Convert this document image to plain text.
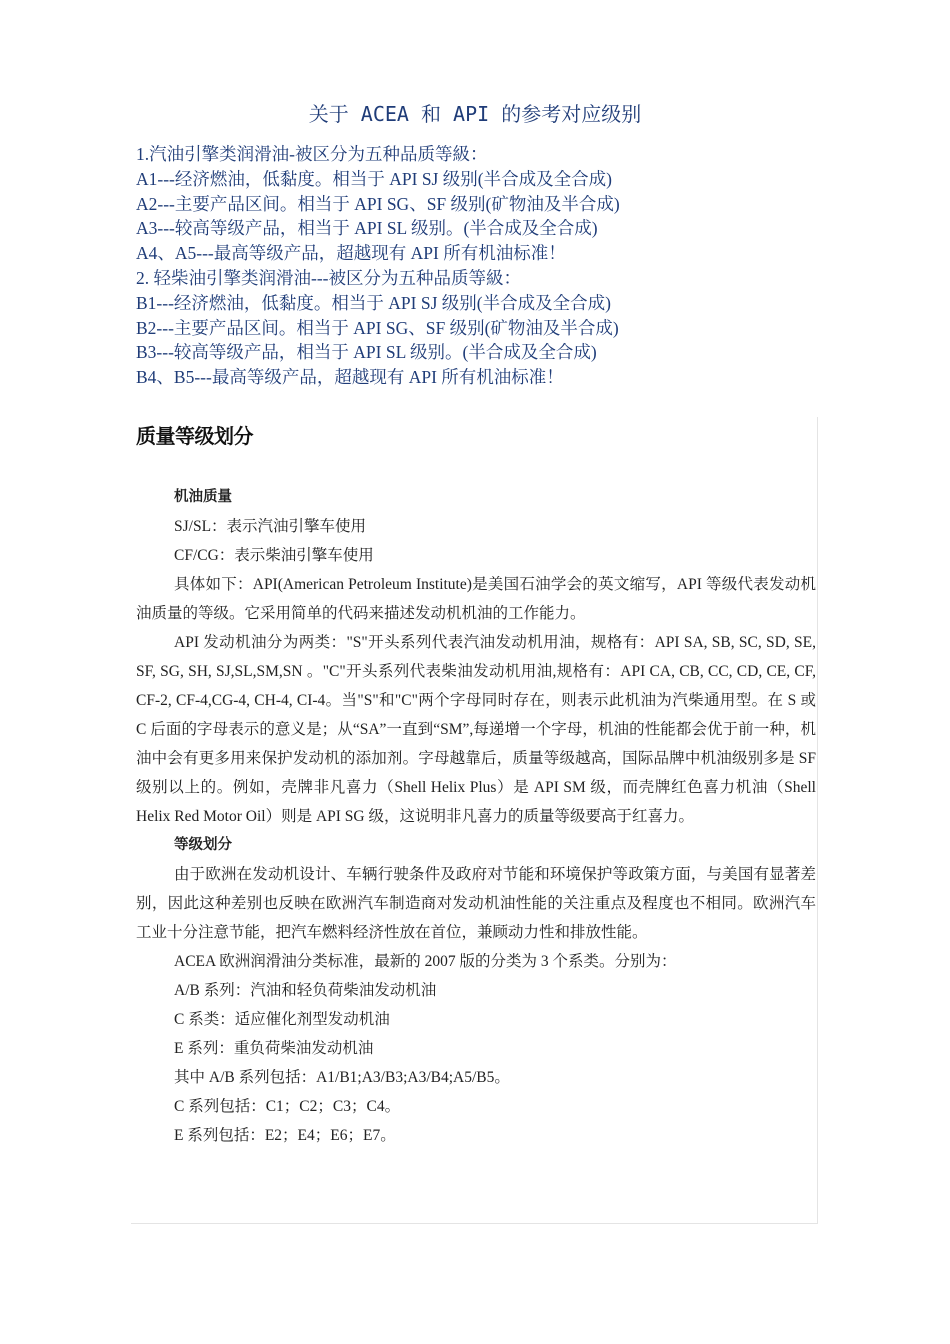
关于 ACEA 和 API 的参考对应级别
1.汽油引擎类润滑油-被区分为五种品质等級：
A1---经济燃油，低黏度。相当于 API SJ 级别(半合成及全合成)
A2---主要产品区间。相当于 API SG、SF 级别(矿物油及半合成)
A3---较高等级产品，相当于 API SL 级别。(半合成及全合成)
A4、A5---最高等级产品，超越现有 API 所有机油标准！
2. 轻柴油引擎类润滑油---被区分为五种品质等級：
B1---经济燃油，低黏度。相当于 API SJ 级别(半合成及全合成)
B2---主要产品区间。相当于 API SG、SF 级别(矿物油及半合成)
B3---较高等级产品，相当于 API SL 级别。(半合成及全合成)
B4、B5---最高等级产品，超越现有 API 所有机油标准！
质量等级划分

机油质量

SJ/SL：表示汽油引擎车使用

CF/CG：表示柴油引擎车使用

具体如下：API(American Petroleum Institute)是美国石油学会的英文缩写，API 等级代表发动机油质量的等级。它采用简单的代码来描述发动机机油的工作能力。

API 发动机油分为两类："S"开头系列代表汽油发动机用油，规格有：API SA, SB, SC, SD, SE, SF, SG, SH, SJ,SL,SM,SN 。"C"开头系列代表柴油发动机用油,规格有：API CA, CB, CC, CD, CE, CF, CF-2, CF-4,CG-4, CH-4, CI-4。当"S"和"C"两个字母同时存在，则表示此机油为汽柴通用型。在 S 或 C 后面的字母表示的意义是；从“SA”一直到“SM”,每递增一个字母，机油的性能都会优于前一种，机油中会有更多用来保护发动机的添加剂。字母越靠后，质量等级越高，国际品牌中机油级别多是 SF 级别以上的。例如，壳牌非凡喜力（Shell Helix Plus）是 API SM 级，而壳牌红色喜力机油（Shell Helix Red Motor Oil）则是 API SG 级，这说明非凡喜力的质量等级要高于红喜力。

等级划分

由于欧洲在发动机设计、车辆行驶条件及政府对节能和环境保护等政策方面，与美国有显著差别，因此这种差别也反映在欧洲汽车制造商对发动机油性能的关注重点及程度也不相同。欧洲汽车工业十分注意节能，把汽车燃料经济性放在首位，兼顾动力性和排放性能。

ACEA 欧洲润滑油分类标准，最新的 2007 版的分类为 3 个系类。分别为：

A/B 系列：汽油和轻负荷柴油发动机油

C 系类：适应催化剂型发动机油

E 系列：重负荷柴油发动机油

其中 A/B 系列包括：A1/B1;A3/B3;A3/B4;A5/B5。

C 系列包括：C1；C2；C3；C4。

E 系列包括：E2；E4；E6；E7。
